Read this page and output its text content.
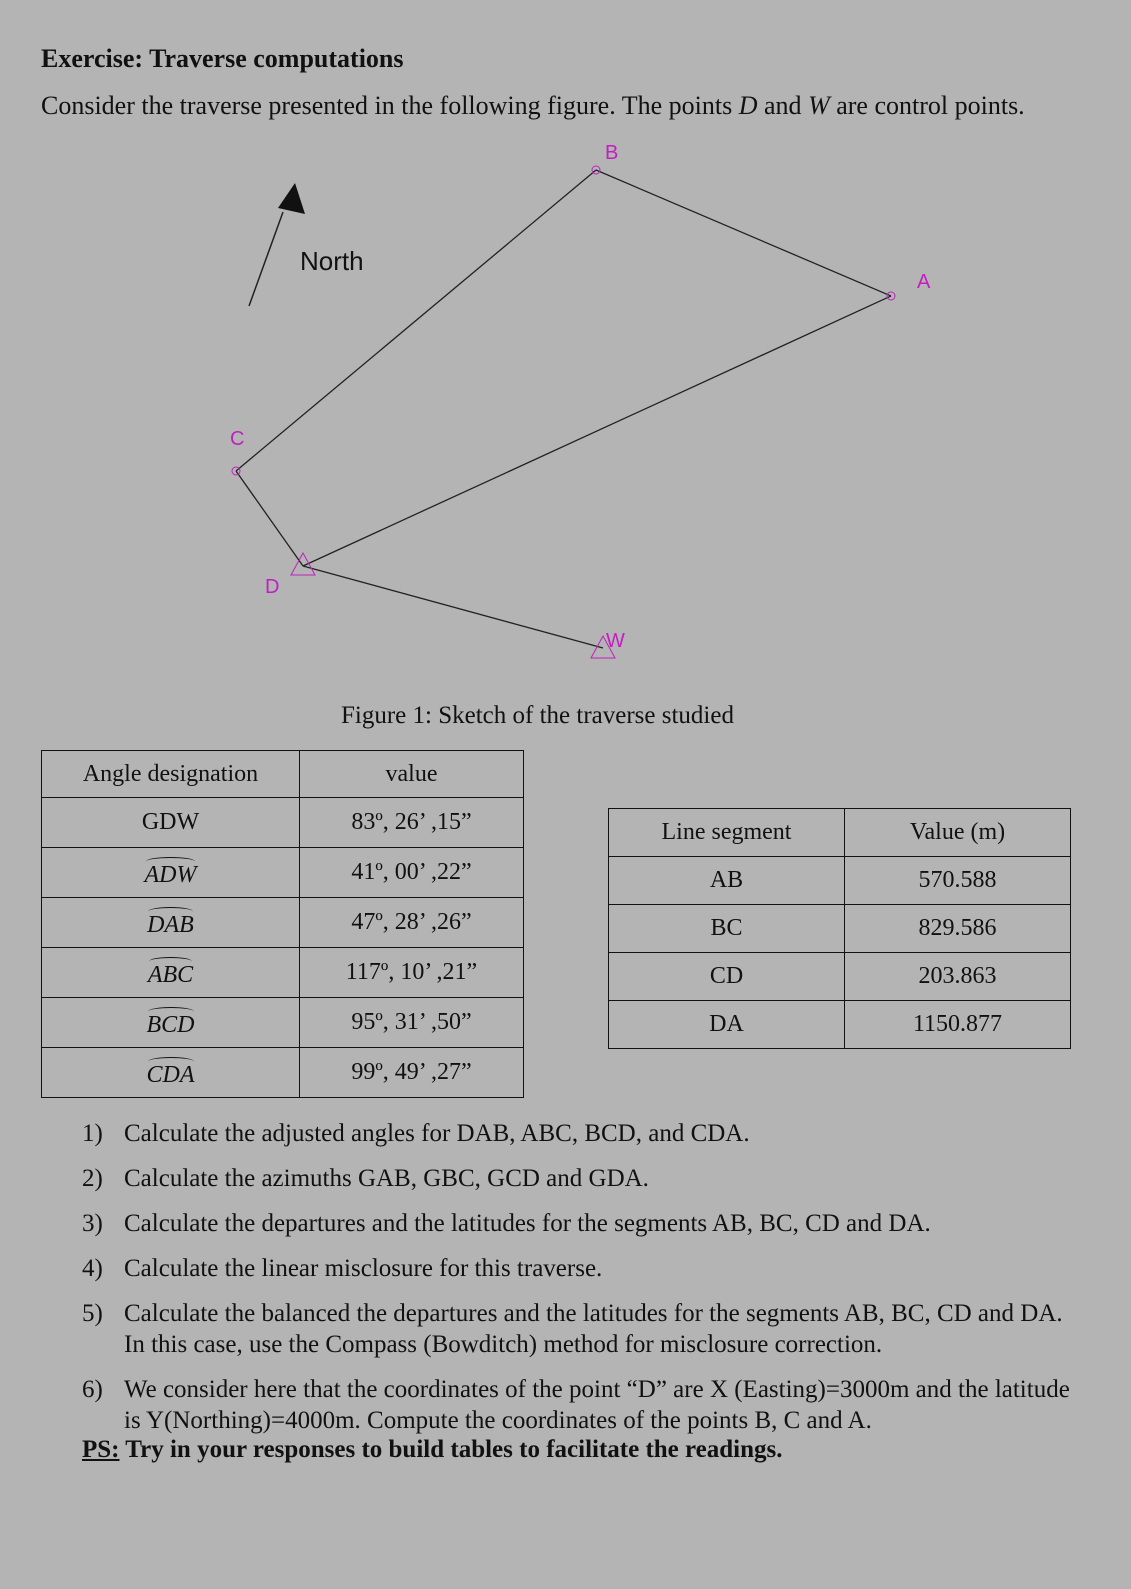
Exercise: Traverse computations
Consider the traverse presented in the following figure. The points D and W are control points.
North
B
A
C
D
W
Figure 1: Sketch of the traverse studied
Angle designation	value
GDW	83º, 26’ ,15”
ADW	41º, 00’ ,22”
DAB	47º, 28’ ,26”
ABC	117º, 10’ ,21”
BCD	95º, 31’ ,50”
CDA	99º, 49’ ,27”
Line segment	Value (m)
AB	570.588
BC	829.586
CD	203.863
DA	1150.877
1) Calculate the adjusted angles for DAB, ABC, BCD, and CDA.
2) Calculate the azimuths GAB, GBC, GCD and GDA.
3) Calculate the departures and the latitudes for the segments AB, BC, CD and DA.
4) Calculate the linear misclosure for this traverse.
5) Calculate the balanced the departures and the latitudes for the segments AB, BC, CD and DA. In this case, use the Compass (Bowditch) method for misclosure correction.
6) We consider here that the coordinates of the point “D” are X (Easting)=3000m and the latitude is Y(Northing)=4000m. Compute the coordinates of the points B, C and A.
PS: Try in your responses to build tables to facilitate the readings.
